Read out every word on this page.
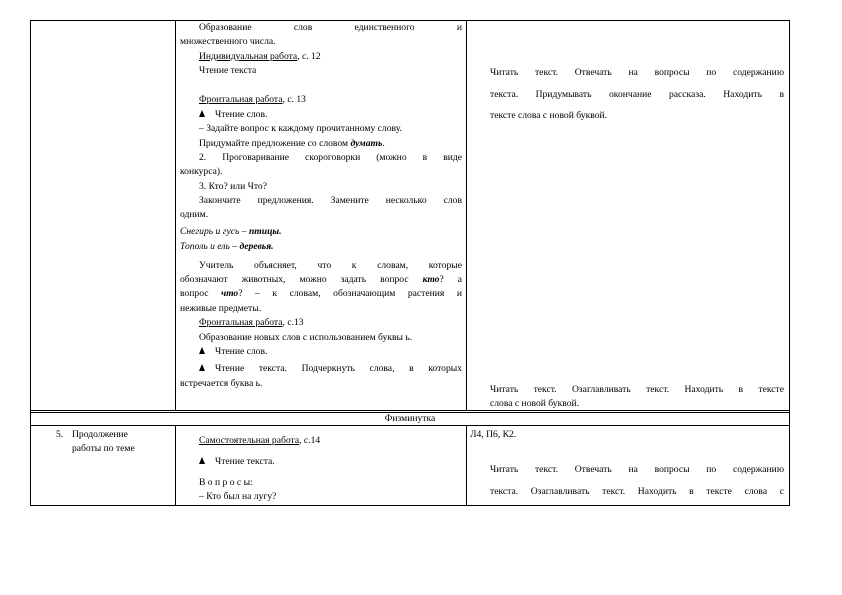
Образование слов единственного и
множественного числа.
Индивидуальная работа, с. 12
Чтение текста
Фронтальная работа, с. 13
Чтение слов.
– Задайте вопрос к каждому прочитанному слову.
Придумайте предложение со словом думать.
2. Проговаривание скороговорки (можно в виде
конкурса).
3. Кто? или Что?
Закончите предложения. Замените несколько слов
одним.
Снегирь и гусь – птицы.
Тополь и ель – деревья.
Учитель объясняет, что к словам, которые
обозначают животных, можно задать вопрос кто? а
вопрос что? – к словам, обозначающим растения и
неживые предметы.
Фронтальная работа, с.13
Образование новых слов с использованием буквы ь.
Чтение слов.
Чтение текста. Подчеркнуть слова, в которых
встречается буква ь.
Читать текст. Отвечать на вопросы по содержанию
текста. Придумывать окончание рассказа. Находить в
тексте слова с новой буквой.
Читать текст. Озаглавливать текст. Находить в тексте
слова с новой буквой.
Физминутка
5. Продолжение
работы по теме
Самостоятельная работа, с.14
Чтение текста.
В о п р о с ы:
– Кто был на лугу?
Л4, П6, К2.
Читать текст. Отвечать на вопросы по содержанию
текста. Озаглавливать текст. Находить в тексте слова с
